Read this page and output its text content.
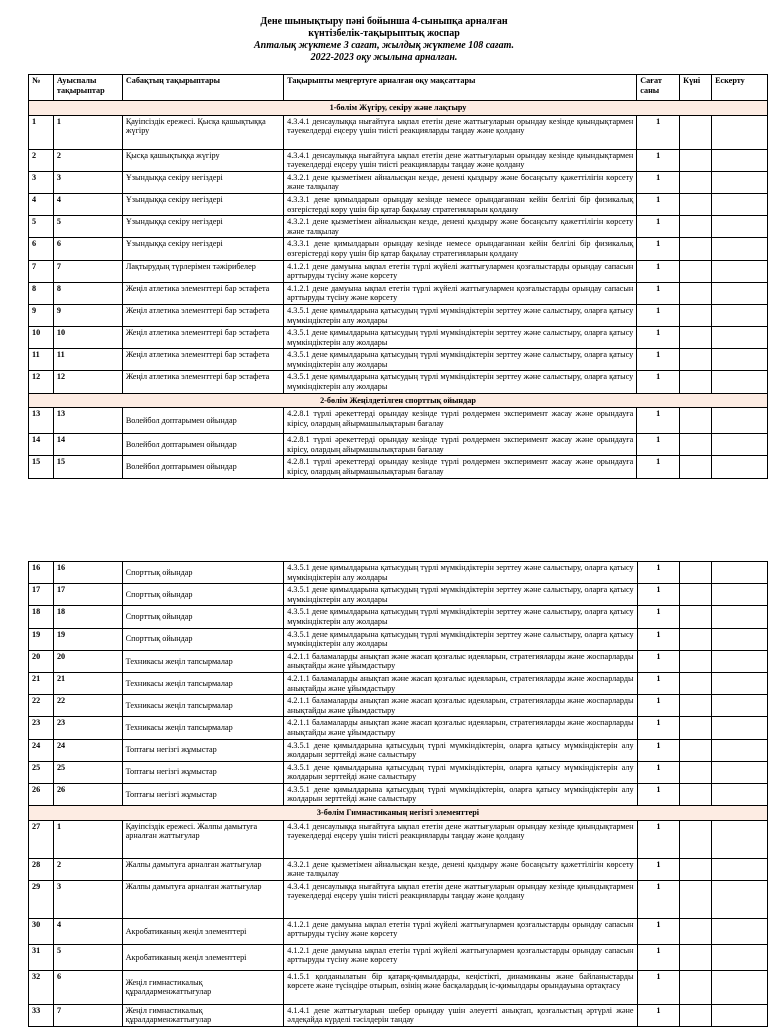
Дене шынықтыру пәні бойынша 4-сыныпқа арналған
күнтізбелік-тақырыптық жоспар
Апталық жүктеме 3 сағат, жылдық жүктеме 108 сағат.
2022-2023 оқу жылына арналған.
№	Ауыспалы тақырыптар	Сабақтың тақырыптары	Тақырыпты меңгертуге арналған оқу мақсаттары	Сағат саны	Күні	Ескерту
1-бөлім Жүгіру, секіру және лақтыру						
1	1	Қауіпсіздік ережесі. Қысқа қашықтыққа жүгіру	4.3.4.1 денсаулыққа нығайтуға ықпал ететін дене жаттығуларын орындау кезінде қиындықтармен тәуекелдерді еңсеру үшін тиісті реакцияларды таңдау және қолдану	1		
2	2	Қысқа қашықтыққа жүгіру	4.3.4.1 денсаулыққа нығайтуға ықпал ететін дене жаттығуларын орындау кезінде қиындықтармен тәуекелдерді еңсеру үшін тиісті реакцияларды таңдау және қолдану	1		
3	3	Ұзындыққа секіру негіздері	4.3.2.1 дене қызметімен айналысқан кезде, денені қыздыру және босаңсыту қажеттілігін көрсету және талқылау	1		
4	4	Ұзындыққа секіру негіздері	4.3.3.1 дене қимылдарын орындау кезінде немесе орындағаннан кейін белгілі бір физикалық өзгерістерді көру үшін бір қатар бақылау стратегияларын қолдану	1		
5	5	Ұзындыққа секіру негіздері	4.3.2.1 дене қызметімен айналысқан кезде, денені қыздыру және босаңсыту қажеттілігін көрсету және талқылау	1		
6	6	Ұзындыққа секіру негіздері	4.3.3.1 дене қимылдарын орындау кезінде немесе орындағаннан кейін белгілі бір физикалық өзгерістерді көру үшін бір қатар бақылау стратегияларын қолдану	1		
7	7	Лақтырудың түрлерімен тәжірибелер	4.1.2.1 дене дамуына ықпал ететін түрлі жүйелі жаттығулармен қозғалыстарды орындау сапасын арттыруды түсіну және көрсету	1		
8	8	Жеңіл атлетика элементтері бар эстафета	4.1.2.1 дене дамуына ықпал ететін түрлі жүйелі жаттығулармен қозғалыстарды орындау сапасын арттыруды түсіну және көрсету	1		
9	9	Жеңіл атлетика элементтері бар эстафета	4.3.5.1 дене қимылдарына қатысудың түрлі мүмкіндіктерін зерттеу және салыстыру, оларға қатысу мүмкіндіктерін алу жолдары	1		
10	10	Жеңіл атлетика элементтері бар эстафета	4.3.5.1 дене қимылдарына қатысудың түрлі мүмкіндіктерін зерттеу және салыстыру, оларға қатысу мүмкіндіктерін алу жолдары	1		
11	11	Жеңіл атлетика элементтері бар эстафета	4.3.5.1 дене қимылдарына қатысудың түрлі мүмкіндіктерін зерттеу және салыстыру, оларға қатысу мүмкіндіктерін алу жолдары	1		
12	12	Жеңіл атлетика элементтері бар эстафета	4.3.5.1 дене қимылдарына қатысудың түрлі мүмкіндіктерін зерттеу және салыстыру, оларға қатысу мүмкіндіктерін алу жолдары	1		
2-бөлім Жеңілдетілген спорттық ойындар						
13	13	Волейбол доптарымен ойындар	4.2.8.1 түрлі әрекеттерді орындау кезінде түрлі рөлдермен эксперимент жасау және орындауға кірісу, олардың айырмашылықтарын бағалау	1		
14	14	Волейбол доптарымен ойындар	4.2.8.1 түрлі әрекеттерді орындау кезінде түрлі рөлдермен эксперимент жасау және орындауға кірісу, олардың айырмашылықтарын бағалау	1		
15	15	Волейбол доптарымен ойындар	4.2.8.1 түрлі әрекеттерді орындау кезінде түрлі рөлдермен эксперимент жасау және орындауға кірісу, олардың айырмашылықтарын бағалау	1		
16	16	Спорттық ойындар	4.3.5.1 дене қимылдарына қатысудың түрлі мүмкіндіктерін зерттеу және салыстыру, оларға қатысу мүмкіндіктерін алу жолдары	1		
17	17	Спорттық ойындар	4.3.5.1 дене қимылдарына қатысудың түрлі мүмкіндіктерін зерттеу және салыстыру, оларға қатысу мүмкіндіктерін алу жолдары	1		
18	18	Спорттық ойындар	4.3.5.1 дене қимылдарына қатысудың түрлі мүмкіндіктерін зерттеу және салыстыру, оларға қатысу мүмкіндіктерін алу жолдары	1		
19	19	Спорттық ойындар	4.3.5.1 дене қимылдарына қатысудың түрлі мүмкіндіктерін зерттеу және салыстыру, оларға қатысу мүмкіндіктерін алу жолдары	1		
20	20	Техникасы жеңіл тапсырмалар	4.2.1.1 баламаларды анықтап және жасап қозғалыс идеяларын, стратегияларды және жоспарларды анықтайды және ұйымдастыру	1		
21	21	Техникасы жеңіл тапсырмалар	4.2.1.1 баламаларды анықтап және жасап қозғалыс идеяларын, стратегияларды және жоспарларды анықтайды және ұйымдастыру	1		
22	22	Техникасы жеңіл тапсырмалар	4.2.1.1 баламаларды анықтап және жасап қозғалыс идеяларын, стратегияларды және жоспарларды анықтайды және ұйымдастыру	1		
23	23	Техникасы жеңіл тапсырмалар	4.2.1.1 баламаларды анықтап және жасап қозғалыс идеяларын, стратегияларды және жоспарларды анықтайды және ұйымдастыру	1		
24	24	Топтағы негізгі жұмыстар	4.3.5.1 дене қимылдарына қатысудың түрлі мүмкіндіктерін, оларға қатысу мүмкіндіктерін алу жолдарын зерттейді және салыстыру	1		
25	25	Топтағы негізгі жұмыстар	4.3.5.1 дене қимылдарына қатысудың түрлі мүмкіндіктерін, оларға қатысу мүмкіндіктерін алу жолдарын зерттейді және салыстыру	1		
26	26	Топтағы негізгі жұмыстар	4.3.5.1 дене қимылдарына қатысудың түрлі мүмкіндіктерін, оларға қатысу мүмкіндіктерін алу жолдарын зерттейді және салыстыру	1		
3-бөлім Гимнастиканың негізгі элементтері						
27	1	Қауіпсіздік ережесі. Жалпы дамытуға арналған жаттығулар	4.3.4.1 денсаулыққа нығайтуға ықпал ететін дене жаттығуларын орындау кезінде қиындықтармен тәуекелдерді еңсеру үшін тиісті реакцияларды таңдау және қолдану	1		
28	2	Жалпы дамытуға арналған жаттығулар	4.3.2.1 дене қызметімен айналысқан кезде, денені қыздыру және босаңсыту қажеттілігін көрсету және талқылау	1		
29	3	Жалпы дамытуға арналған жаттығулар	4.3.4.1 денсаулыққа нығайтуға ықпал ететін дене жаттығуларын орындау кезінде қиындықтармен тәуекелдерді еңсеру үшін тиісті реакцияларды таңдау және қолдану	1		
30	4	Акробатиканың жеңіл элементтері	4.1.2.1 дене дамуына ықпал ететін түрлі жүйелі жаттығулармен қозғалыстарды орындау сапасын арттыруды түсіну және көрсету	1		
31	5	Акробатиканың жеңіл элементтері	4.1.2.1 дене дамуына ықпал ететін түрлі жүйелі жаттығулармен қозғалыстарды орындау сапасын арттыруды түсіну және көрсету	1		
32	6	Жеңіл гимнастикалық құралдарменжаттығулар	4.1.5.1 қолданылатын бір қатарқ-қимылдарды, кеңістікті, динамиканы және байланыстарды көрсете және түсіндіре отырып, өзінің және басқалардың іс-қимылдары орындауына ортақтасу	1		
33	7	Жеңіл гимнастикалық құралдарменжаттығулар	4.1.4.1 дене жаттығуларын шебер орындау үшін әлеуетті анықтап, қозғалыстың әртүрлі және әлдеқайда күрделі тәсілдерін тандау	1		
